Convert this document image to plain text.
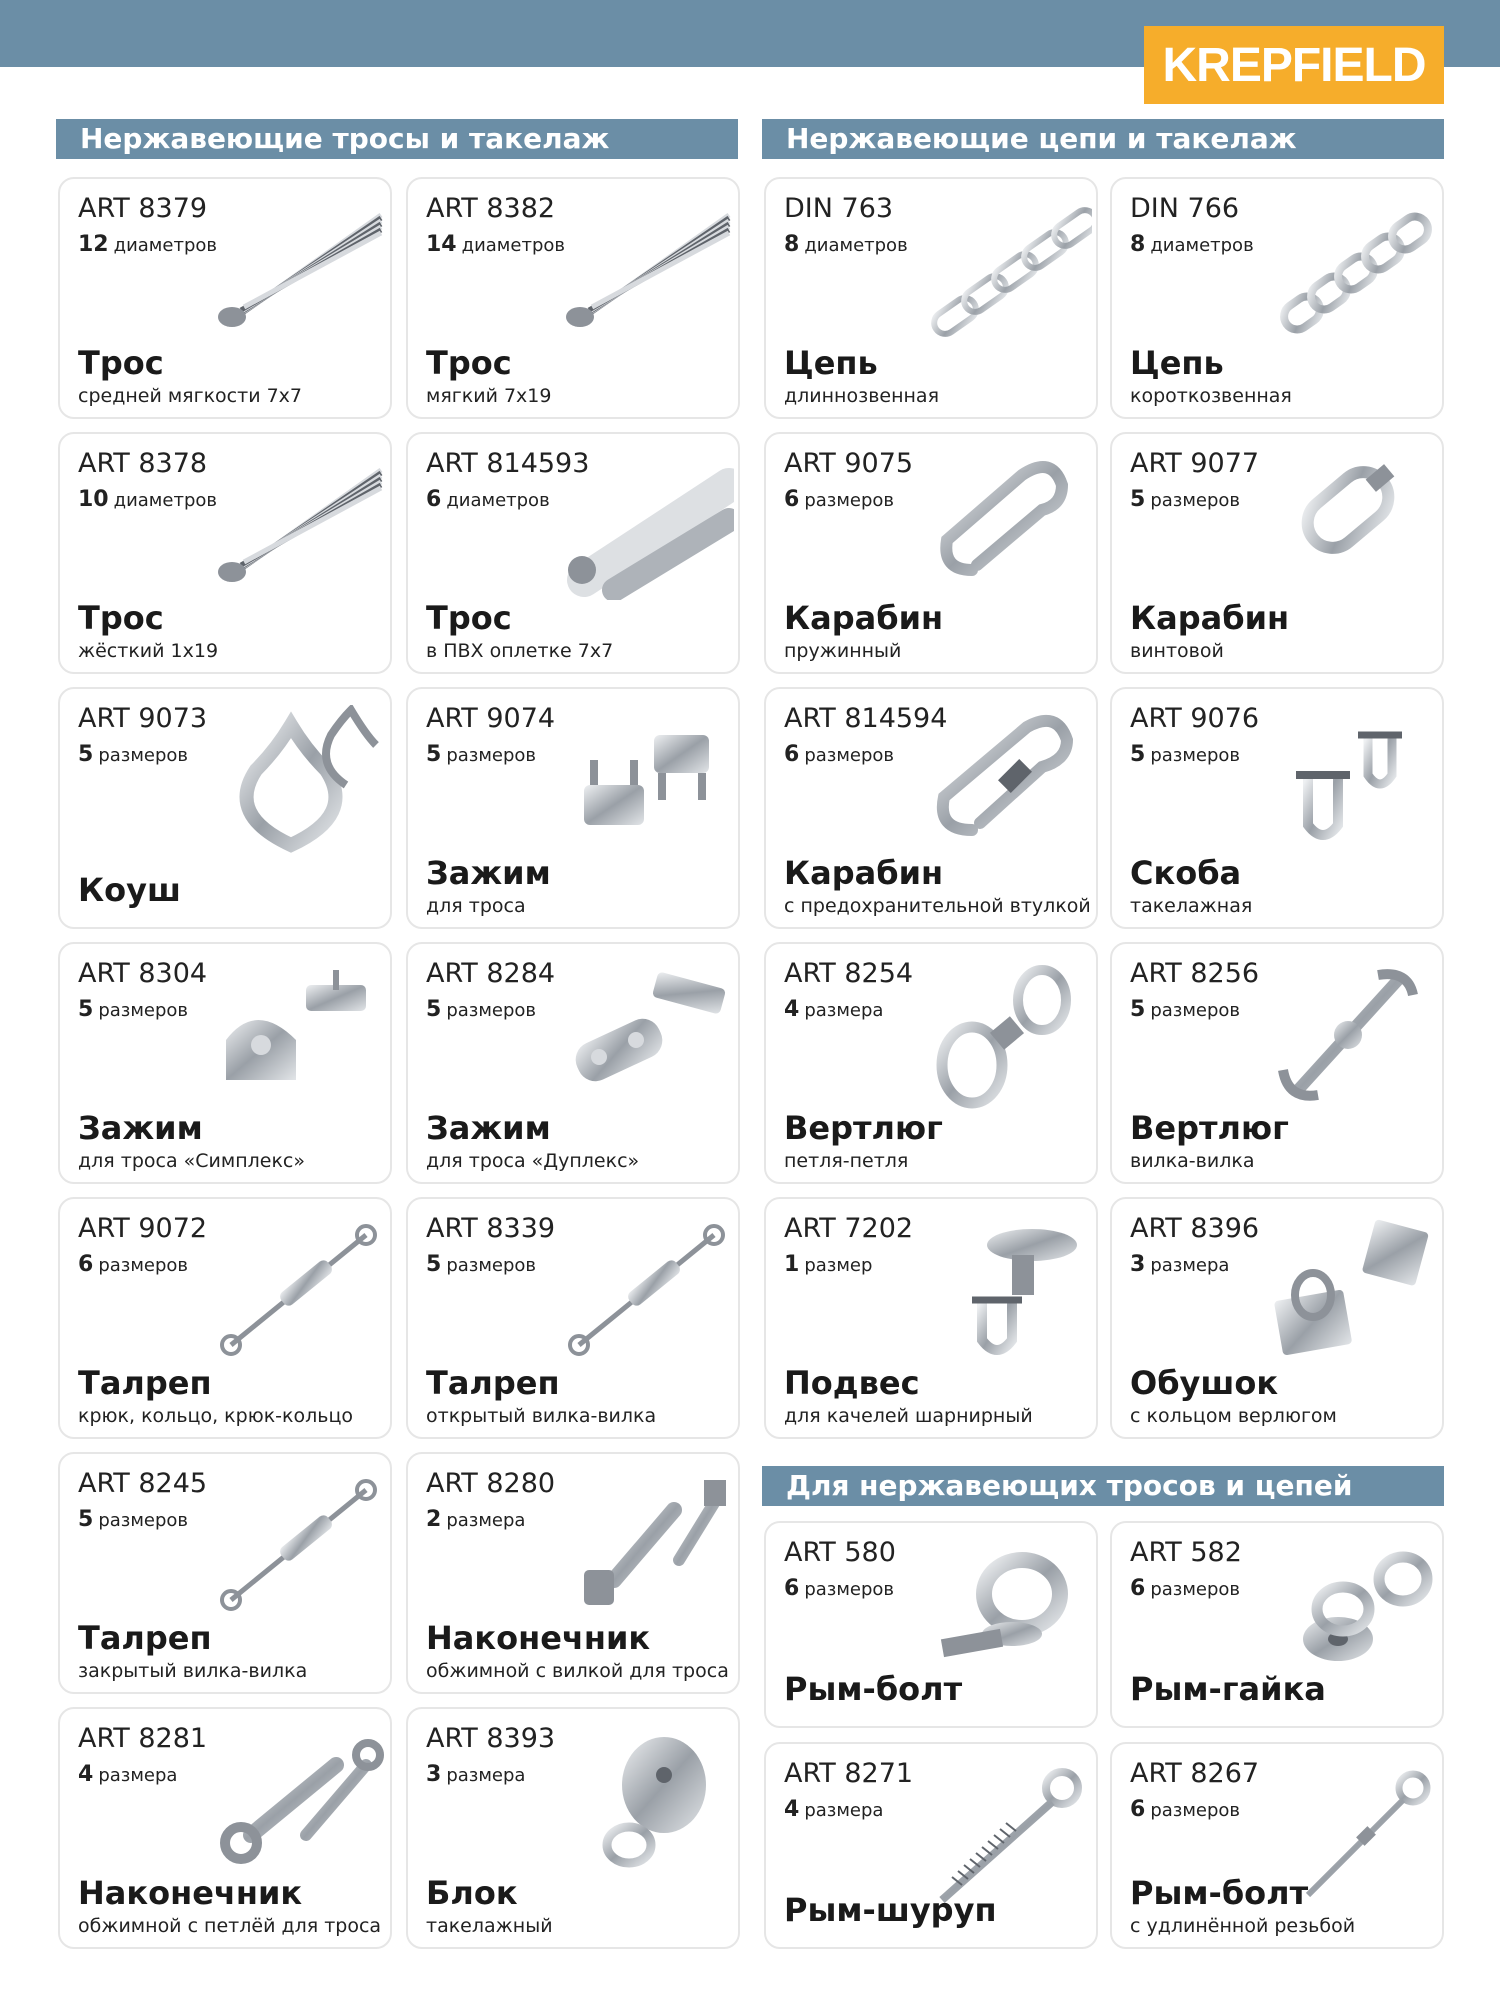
KREPFIELD
Нержавеющие тросы и такелаж	Нержавеющие цепи и такелаж
Для нержавеющих тросов и цепей
ART 8379
12 диаметров
Трос
средней мягкости 7x7
ART 8382
14 диаметров
Трос
мягкий 7x19
DIN 763
8 диаметров
Цепь
длиннозвенная
DIN 766
8 диаметров
Цепь
короткозвенная
ART 8378
10 диаметров
Трос
жёсткий 1x19
ART 814593
6 диаметров
Трос
в ПВХ оплетке 7x7
ART 9075
6 размеров
Карабин
пружинный
ART 9077
5 размеров
Карабин
винтовой
ART 9073
5 размеров
Коуш
ART 9074
5 размеров
Зажим
для троса
ART 814594
6 размеров
Карабин
с предохранительной втулкой
ART 9076
5 размеров
Скоба
такелажная
ART 8304
5 размеров
Зажим
для троса «Симплекс»
ART 8284
5 размеров
Зажим
для троса «Дуплекс»
ART 8254
4 размера
Вертлюг
петля-петля
ART 8256
5 размеров
Вертлюг
вилка-вилка
ART 9072
6 размеров
Талреп
крюк, кольцо, крюк-кольцо
ART 8339
5 размеров
Талреп
открытый вилка-вилка
ART 7202
1 размер
Подвес
для качелей шарнирный
ART 8396
3 размера
Обушок
с кольцом верлюгом
ART 8245
5 размеров
Талреп
закрытый вилка-вилка
ART 8280
2 размера
Наконечник
обжимной с вилкой для троса
ART 8281
4 размера
Наконечник
обжимной с пeтлёй для троса
ART 8393
3 размера
Блок
такелажный
ART 580
6 размеров
Рым-болт
ART 582
6 размеров
Рым-гайка
ART 8271
4 размера
Рым-шуруп
ART 8267
6 размеров
Рым-болт
с удлинённой резьбой
